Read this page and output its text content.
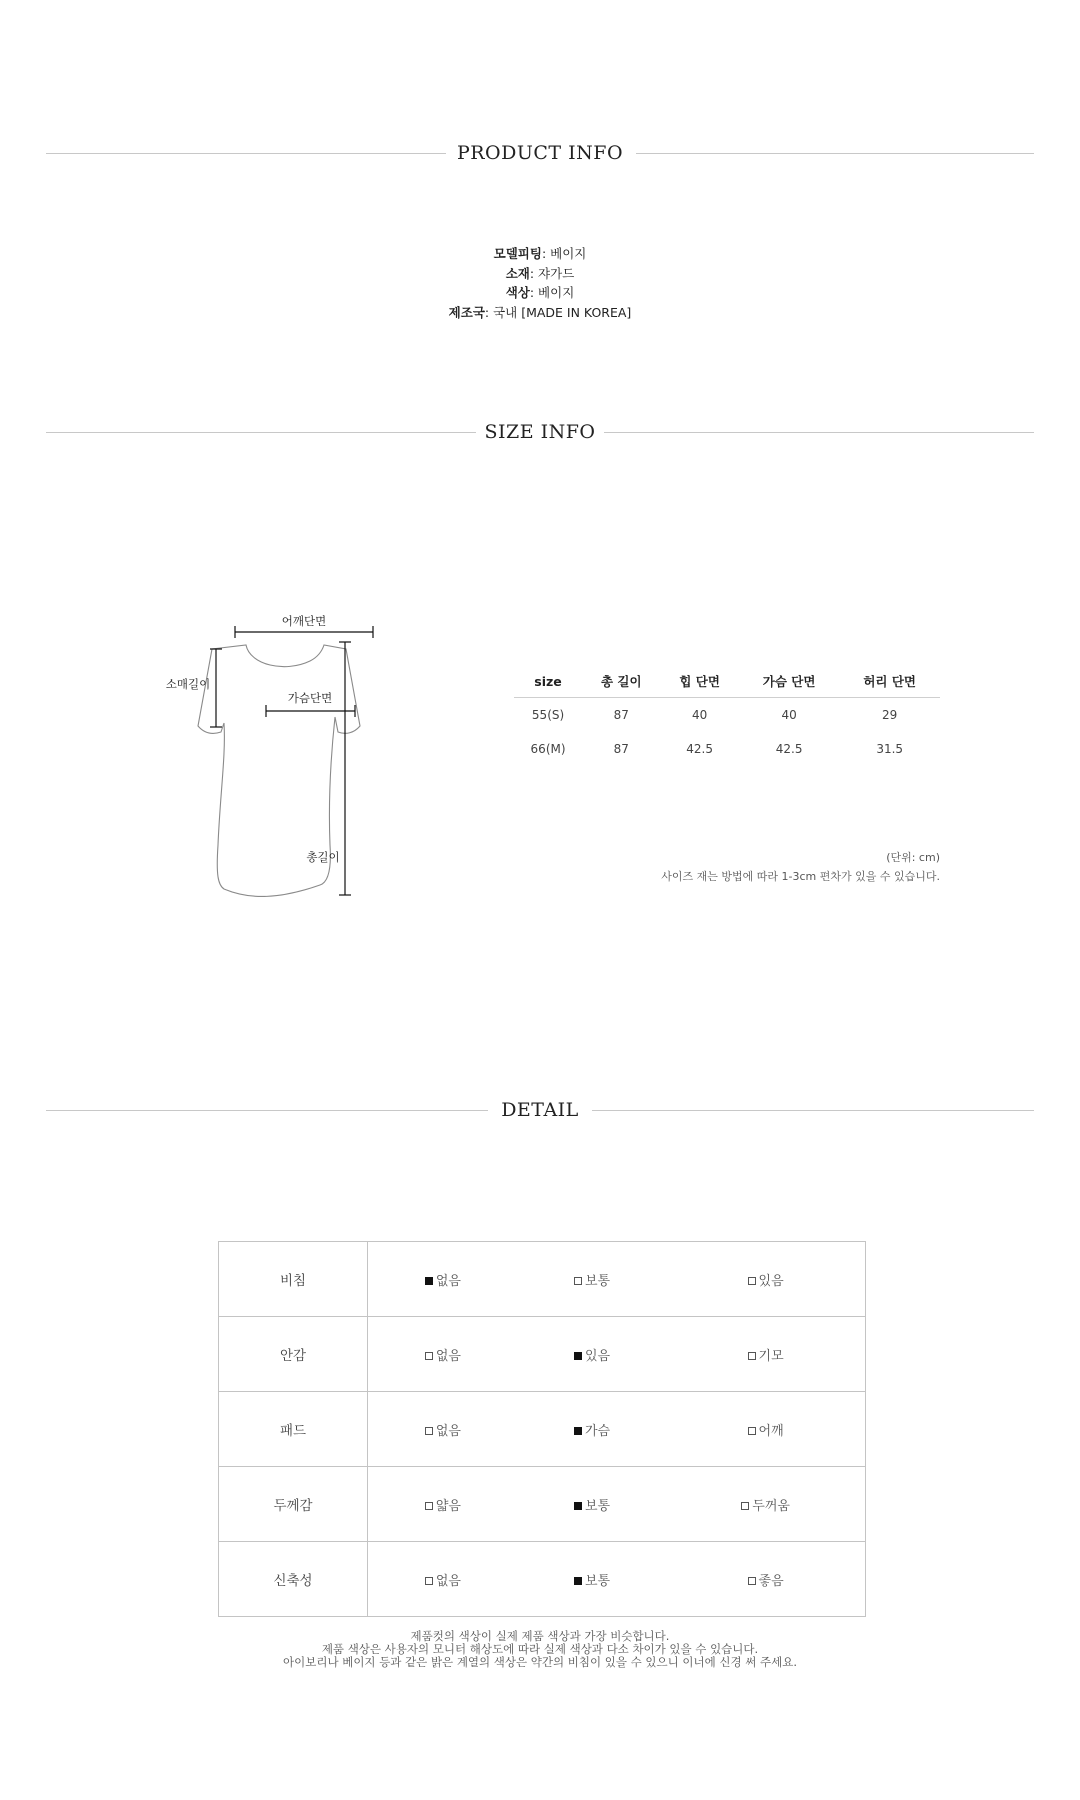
PRODUCT INFO
모델피팅: 베이지
소재: 쟈가드
색상: 베이지
제조국: 국내 [MADE IN KOREA]
SIZE INFO
어깨단면
소매길이
가슴단면
총길이
size	총 길이	힙 단면	가슴 단면	허리 단면
55(S)	87	40	40	29
66(M)	87	42.5	42.5	31.5
(단위: cm)
사이즈 재는 방법에 따라 1-3cm 편차가 있을 수 있습니다.
DETAIL
비침	없음	보통	있음
안감	없음	있음	기모
패드	없음	가슴	어깨
두께감	얇음	보통	두꺼움
신축성	없음	보통	좋음
제품컷의 색상이 실제 제품 색상과 가장 비슷합니다.
제품 색상은 사용자의 모니터 해상도에 따라 실제 색상과 다소 차이가 있을 수 있습니다.
아이보리나 베이지 등과 같은 밝은 계열의 색상은 약간의 비침이 있을 수 있으니 이너에 신경 써 주세요.
